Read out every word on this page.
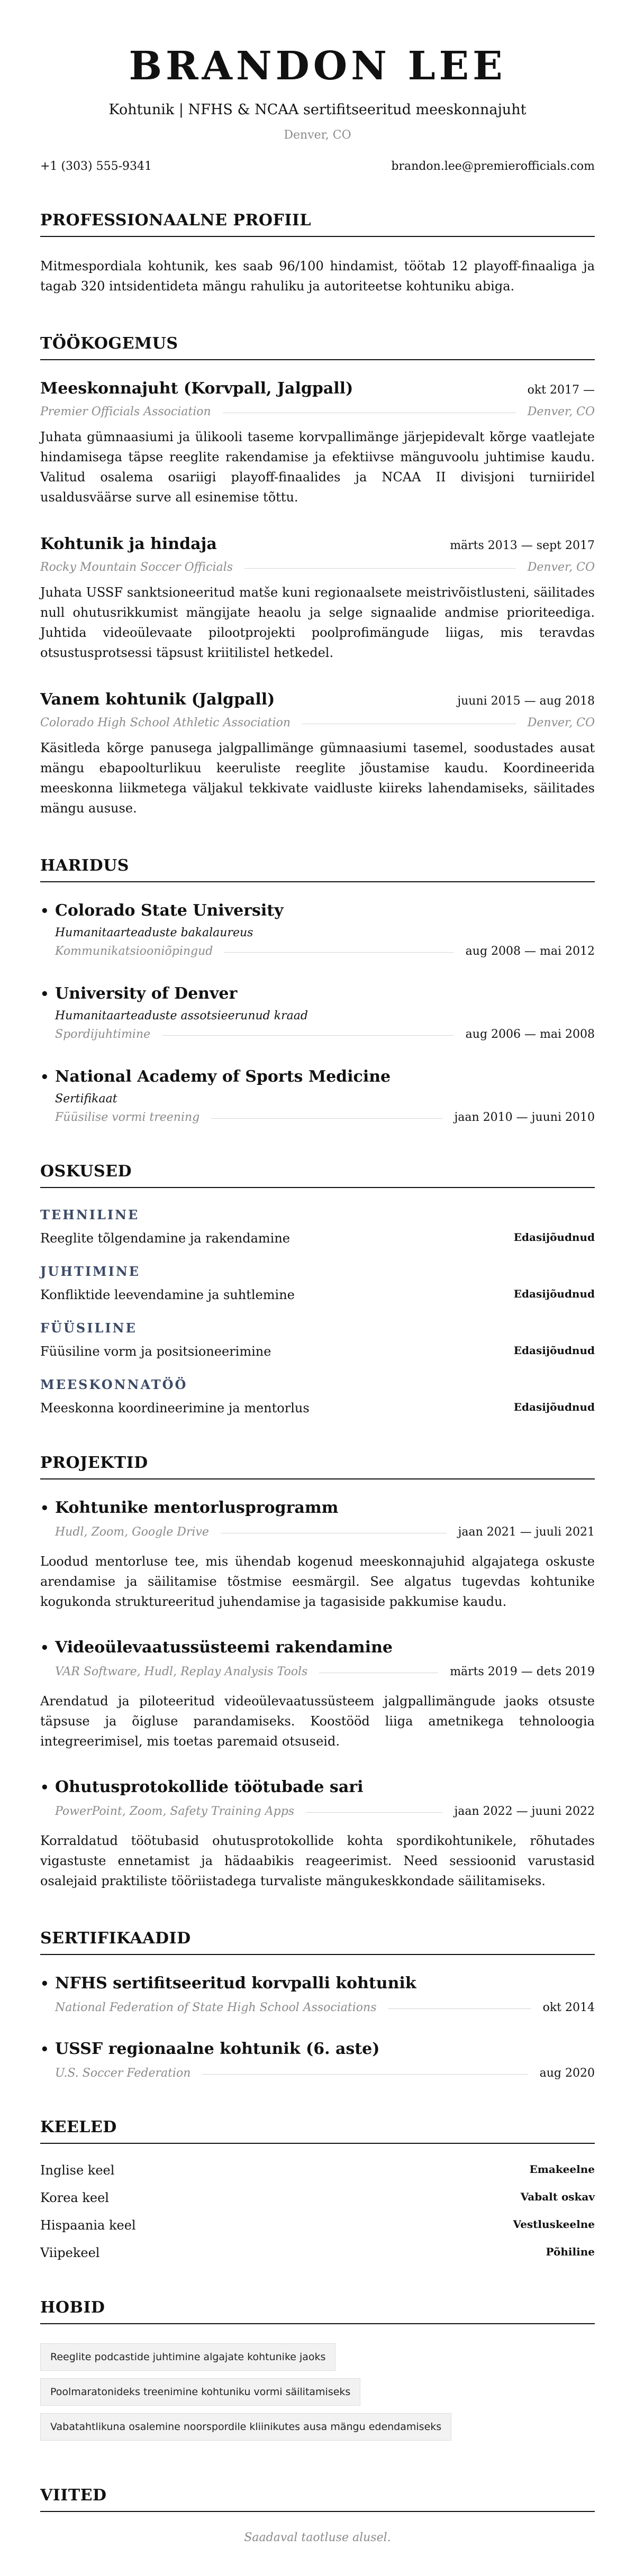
BRANDON LEE
Kohtunik | NFHS & NCAA sertifitseeritud meeskonnajuht
Denver, CO
+1 (303) 555-9341	brandon.lee@premierofficials.com
PROFESSIONAALNE PROFIIL

Mitmespordiala kohtunik, kes saab 96/100 hindamist, töötab 12 playoff-finaaliga ja tagab 320 intsidentideta mängu rahuliku ja autoriteetse kohtuniku abiga.

TÖÖKOGEMUS
Meeskonnajuht (Korvpall, Jalgpall)	okt 2017 —
Premier Officials Association	Denver, CO

Juhata gümnaasiumi ja ülikooli taseme korvpallimänge järjepidevalt kõrge vaatlejate hindamisega täpse reeglite rakendamise ja efektiivse mänguvoolu juhtimise kaudu. Valitud osalema osariigi playoff-finaalides ja NCAA II divisjoni turniiridel usaldusväärse surve all esinemise tõttu.

Kohtunik ja hindaja	märts 2013 — sept 2017
Rocky Mountain Soccer Officials	Denver, CO

Juhata USSF sanktsioneeritud matše kuni regionaalsete meistrivõistlusteni, säilitades null ohutusrikkumist mängijate heaolu ja selge signaalide andmise prioriteediga. Juhtida videoülevaate pilootprojekti poolprofimängude liigas, mis teravdas otsustusprotsessi täpsust kriitilistel hetkedel.

Vanem kohtunik (Jalgpall)	juuni 2015 — aug 2018
Colorado High School Athletic Association	Denver, CO

Käsitleda kõrge panusega jalgpallimänge gümnaasiumi tasemel, soodustades ausat mängu ebapoolturlikuu keeruliste reeglite jõustamise kaudu. Koordineerida meeskonna liikmetega väljakul tekkivate vaidluste kiireks lahendamiseks, säilitades mängu aususe.

HARIDUS
• Colorado State University
Humanitaarteaduste bakalaureus
Kommunikatsiooniõpingud	aug 2008 — mai 2012
• University of Denver
Humanitaarteaduste assotsieerunud kraad
Spordijuhtimine	aug 2006 — mai 2008
• National Academy of Sports Medicine
Sertifikaat
Füüsilise vormi treening	jaan 2010 — juuni 2010
OSKUSED
TEHNILINE
Reeglite tõlgendamine ja rakendamine	Edasijõudnud
JUHTIMINE
Konfliktide leevendamine ja suhtlemine	Edasijõudnud
FÜÜSILINE
Füüsiline vorm ja positsioneerimine	Edasijõudnud
MEESKONNATÖÖ
Meeskonna koordineerimine ja mentorlus	Edasijõudnud
PROJEKTID
• Kohtunike mentorlusprogramm
Hudl, Zoom, Google Drive	jaan 2021 — juuli 2021

Loodud mentorluse tee, mis ühendab kogenud meeskonnajuhid algajatega oskuste arendamise ja säilitamise tõstmise eesmärgil. See algatus tugevdas kohtunike kogukonda struktureeritud juhendamise ja tagasiside pakkumise kaudu.

• Videoülevaatussüsteemi rakendamine
VAR Software, Hudl, Replay Analysis Tools	märts 2019 — dets 2019

Arendatud ja piloteeritud videoülevaatussüsteem jalgpallimängude jaoks otsuste täpsuse ja õigluse parandamiseks. Koostööd liiga ametnikega tehnoloogia integreerimisel, mis toetas paremaid otsuseid.

• Ohutusprotokollide töötubade sari
PowerPoint, Zoom, Safety Training Apps	jaan 2022 — juuni 2022

Korraldatud töötubasid ohutusprotokollide kohta spordikohtunikele, rõhutades vigastuste ennetamist ja hädaabikis reageerimist. Need sessioonid varustasid osalejaid praktiliste tööriistadega turvaliste mängukeskkondade säilitamiseks.

SERTIFIKAADID
• NFHS sertifitseeritud korvpalli kohtunik
National Federation of State High School Associations	okt 2014
• USSF regionaalne kohtunik (6. aste)
U.S. Soccer Federation	aug 2020
KEELED
Inglise keel	Emakeelne
Korea keel	Vabalt oskav
Hispaania keel	Vestluskeelne
Viipekeel	Põhiline
HOBID
Reeglite podcastide juhtimine algajate kohtunike jaoks
Poolmaratonideks treenimine kohtuniku vormi säilitamiseks
Vabatahtlikuna osalemine noorspordile kliinikutes ausa mängu edendamiseks
VIITED
Saadaval taotluse alusel.
